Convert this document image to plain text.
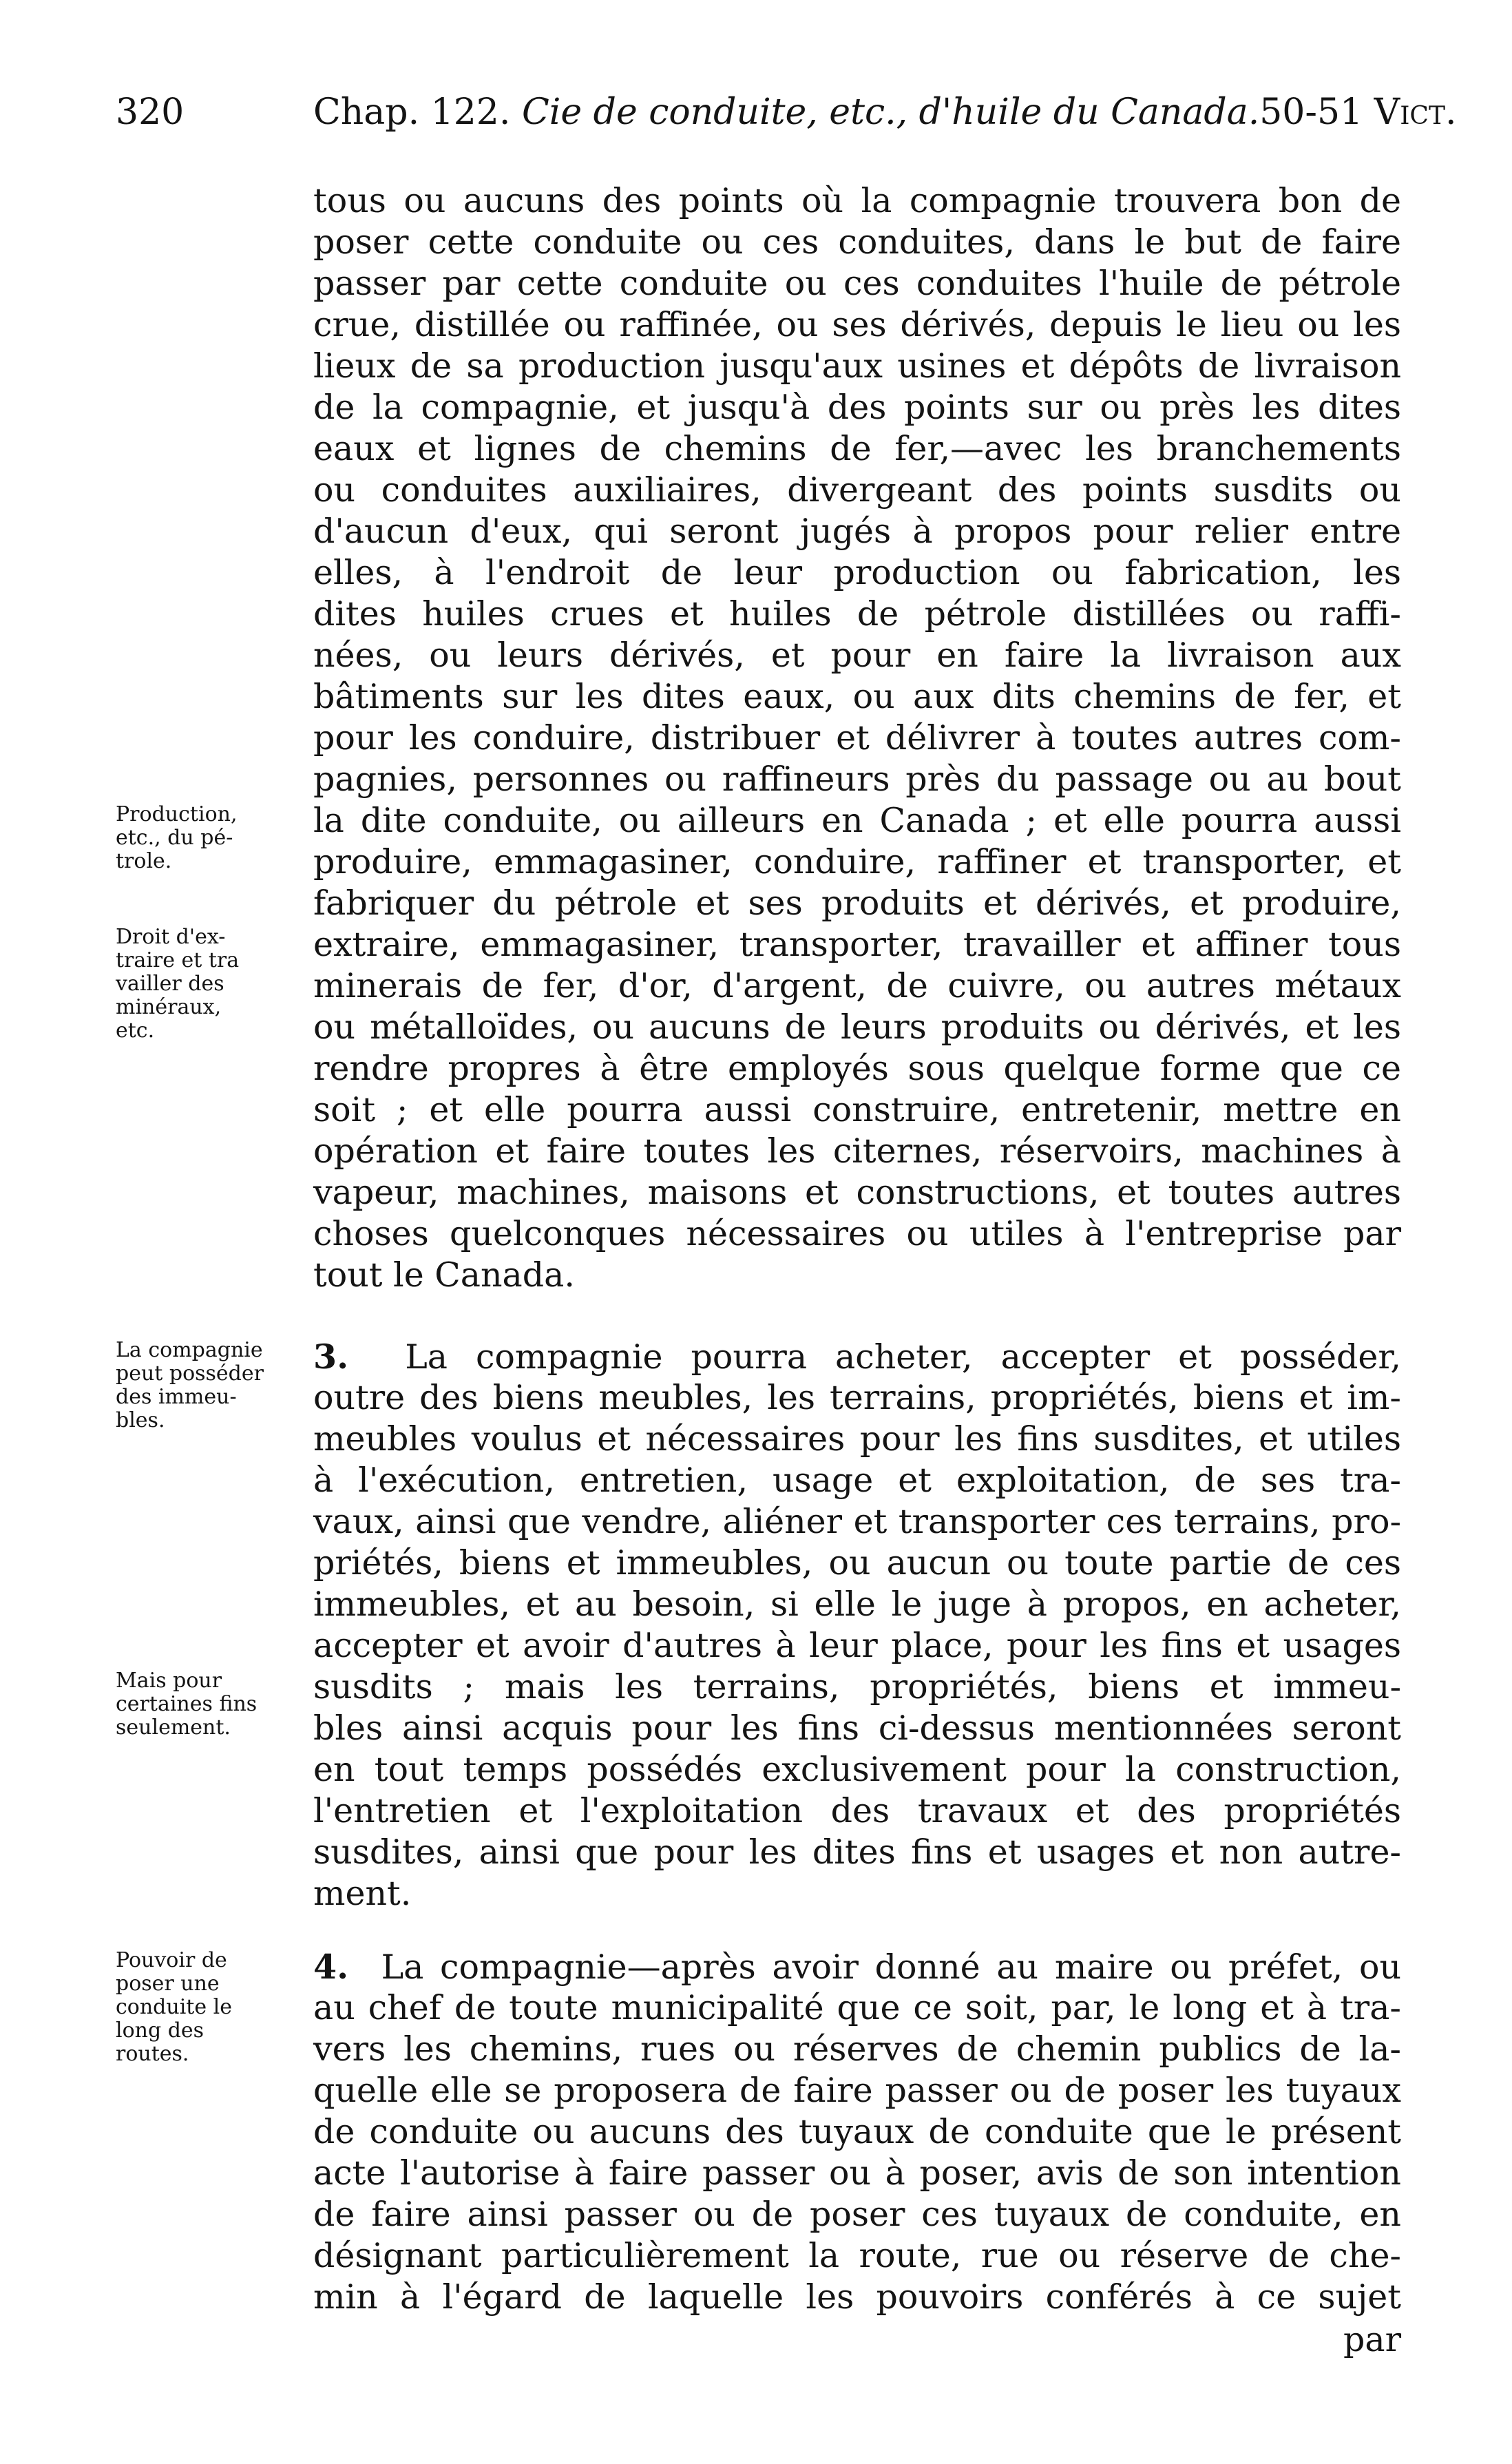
320	Chap. 122. Cie de conduite, etc., d'huile du Canada.50-51 Vict.
tous ou aucuns des points où la compagnie trouvera bon de
poser cette conduite ou ces conduites, dans le but de faire
passer par cette conduite ou ces conduites l'huile de pétrole
crue, distillée ou raffinée, ou ses dérivés, depuis le lieu ou les
lieux de sa production jusqu'aux usines et dépôts de livraison
de la compagnie, et jusqu'à des points sur ou près les dites
eaux et lignes de chemins de fer,—avec les branchements
ou conduites auxiliaires, divergeant des points susdits ou
d'aucun d'eux, qui seront jugés à propos pour relier entre
elles, à l'endroit de leur production ou fabrication, les
dites huiles crues et huiles de pétrole distillées ou raffi-
nées, ou leurs dérivés, et pour en faire la livraison aux
bâtiments sur les dites eaux, ou aux dits chemins de fer, et
pour les conduire, distribuer et délivrer à toutes autres com-
pagnies, personnes ou raffineurs près du passage ou au bout
la dite conduite, ou ailleurs en Canada ; et elle pourra aussi
produire, emmagasiner, conduire, raffiner et transporter, et
fabriquer du pétrole et ses produits et dérivés, et produire,
extraire, emmagasiner, transporter, travailler et affiner tous
minerais de fer, d'or, d'argent, de cuivre, ou autres métaux
ou métalloïdes, ou aucuns de leurs produits ou dérivés, et les
rendre propres à être employés sous quelque forme que ce
soit ; et elle pourra aussi construire, entretenir, mettre en
opération et faire toutes les citernes, réservoirs, machines à
vapeur, machines, maisons et constructions, et toutes autres
choses quelconques nécessaires ou utiles à l'entreprise par
tout le Canada.
3. La compagnie pourra acheter, accepter et posséder,
outre des biens meubles, les terrains, propriétés, biens et im-
meubles voulus et nécessaires pour les fins susdites, et utiles
à l'exécution, entretien, usage et exploitation, de ses tra-
vaux, ainsi que vendre, aliéner et transporter ces terrains, pro-
priétés, biens et immeubles, ou aucun ou toute partie de ces
immeubles, et au besoin, si elle le juge à propos, en acheter,
accepter et avoir d'autres à leur place, pour les fins et usages
susdits ; mais les terrains, propriétés, biens et immeu-
bles ainsi acquis pour les fins ci-dessus mentionnées seront
en tout temps possédés exclusivement pour la construction,
l'entretien et l'exploitation des travaux et des propriétés
susdites, ainsi que pour les dites fins et usages et non autre-
ment.
4. La compagnie—après avoir donné au maire ou préfet, ou
au chef de toute municipalité que ce soit, par, le long et à tra-
vers les chemins, rues ou réserves de chemin publics de la-
quelle elle se proposera de faire passer ou de poser les tuyaux
de conduite ou aucuns des tuyaux de conduite que le présent
acte l'autorise à faire passer ou à poser, avis de son intention
de faire ainsi passer ou de poser ces tuyaux de conduite, en
désignant particulièrement la route, rue ou réserve de che-
min à l'égard de laquelle les pouvoirs conférés à ce sujet
par
Production,
etc., du pé-
trole.
Droit d'ex-
traire et tra
vailler des
minéraux,
etc.
La compagnie
peut posséder
des immeu-
bles.
Mais pour
certaines fins
seulement.
Pouvoir de
poser une
conduite le
long des
routes.
